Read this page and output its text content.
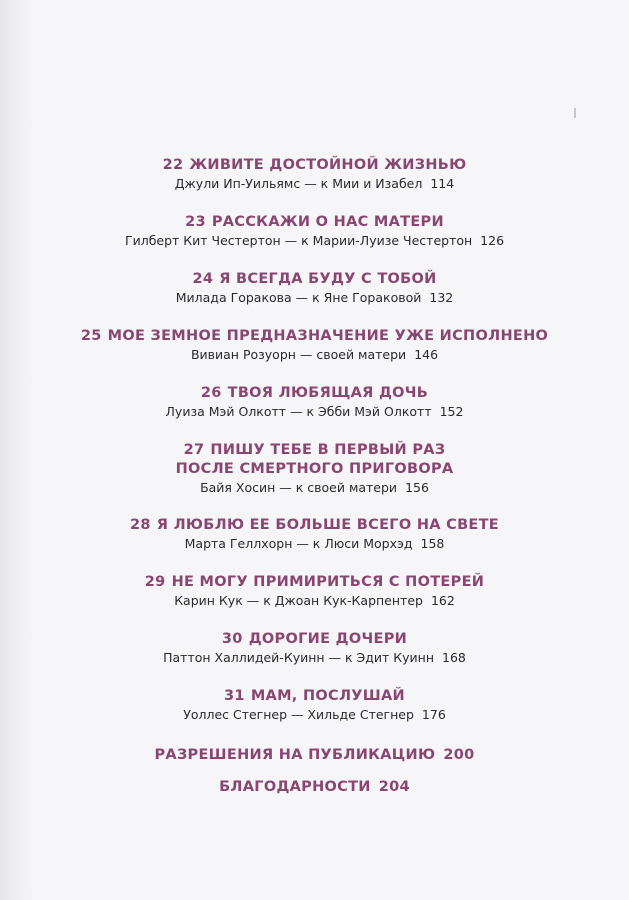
22 ЖИВИТЕ ДОСТОЙНОЙ ЖИЗНЬЮ
Джули Ип-Уильямс — к Мии и Изабел 114
23 РАССКАЖИ О НАС МАТЕРИ
Гилберт Кит Честертон — к Марии-Луизе Честертон 126
24 Я ВСЕГДА БУДУ С ТОБОЙ
Милада Горакова — к Яне Гораковой 132
25 МОЕ ЗЕМНОЕ ПРЕДНАЗНАЧЕНИЕ УЖЕ ИСПОЛНЕНО
Вивиан Розуорн — своей матери 146
26 ТВОЯ ЛЮБЯЩАЯ ДОЧЬ
Луиза Мэй Олкотт — к Эбби Мэй Олкотт 152
27 ПИШУ ТЕБЕ В ПЕРВЫЙ РАЗ
ПОСЛЕ СМЕРТНОГО ПРИГОВОРА
Байя Хосин — к своей матери 156
28 Я ЛЮБЛЮ ЕЕ БОЛЬШЕ ВСЕГО НА СВЕТЕ
Марта Геллхорн — к Люси Морхэд 158
29 НЕ МОГУ ПРИМИРИТЬСЯ С ПОТЕРЕЙ
Карин Кук — к Джоан Кук-Карпентер 162
30 ДОРОГИЕ ДОЧЕРИ
Паттон Халлидей-Куинн — к Эдит Куинн 168
31 МАМ, ПОСЛУШАЙ
Уоллес Стегнер — Хильде Стегнер 176
РАЗРЕШЕНИЯ НА ПУБЛИКАЦИЮ 200
БЛАГОДАРНОСТИ 204
